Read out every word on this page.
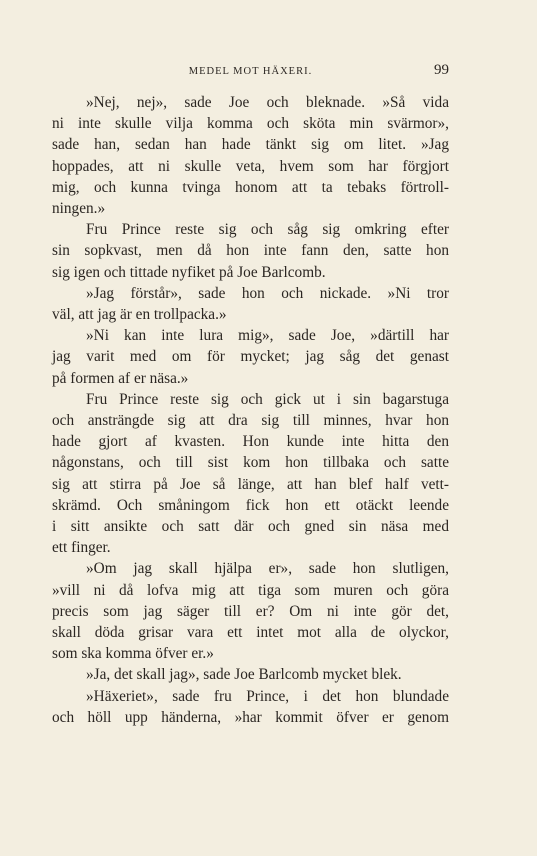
MEDEL MOT HÄXERI.	99
»Nej, nej», sade Joe och bleknade. »Så vida
ni inte skulle vilja komma och sköta min svärmor»,
sade han, sedan han hade tänkt sig om litet. »Jag
hoppades, att ni skulle veta, hvem som har förgjort
mig, och kunna tvinga honom att ta tebaks förtroll-
ningen.»
Fru Prince reste sig och såg sig omkring efter
sin sopkvast, men då hon inte fann den, satte hon
sig igen och tittade nyfiket på Joe Barlcomb.
»Jag förstår», sade hon och nickade. »Ni tror
väl, att jag är en trollpacka.»
»Ni kan inte lura mig», sade Joe, »därtill har
jag varit med om för mycket; jag såg det genast
på formen af er näsa.»
Fru Prince reste sig och gick ut i sin bagarstuga
och ansträngde sig att dra sig till minnes, hvar hon
hade gjort af kvasten. Hon kunde inte hitta den
någonstans, och till sist kom hon tillbaka och satte
sig att stirra på Joe så länge, att han blef half vett-
skrämd. Och småningom fick hon ett otäckt leende
i sitt ansikte och satt där och gned sin näsa med
ett finger.
»Om jag skall hjälpa er», sade hon slutligen,
»vill ni då lofva mig att tiga som muren och göra
precis som jag säger till er? Om ni inte gör det,
skall döda grisar vara ett intet mot alla de olyckor,
som ska komma öfver er.»
»Ja, det skall jag», sade Joe Barlcomb mycket blek.
»Häxeriet», sade fru Prince, i det hon blundade
och höll upp händerna, »har kommit öfver er genom
